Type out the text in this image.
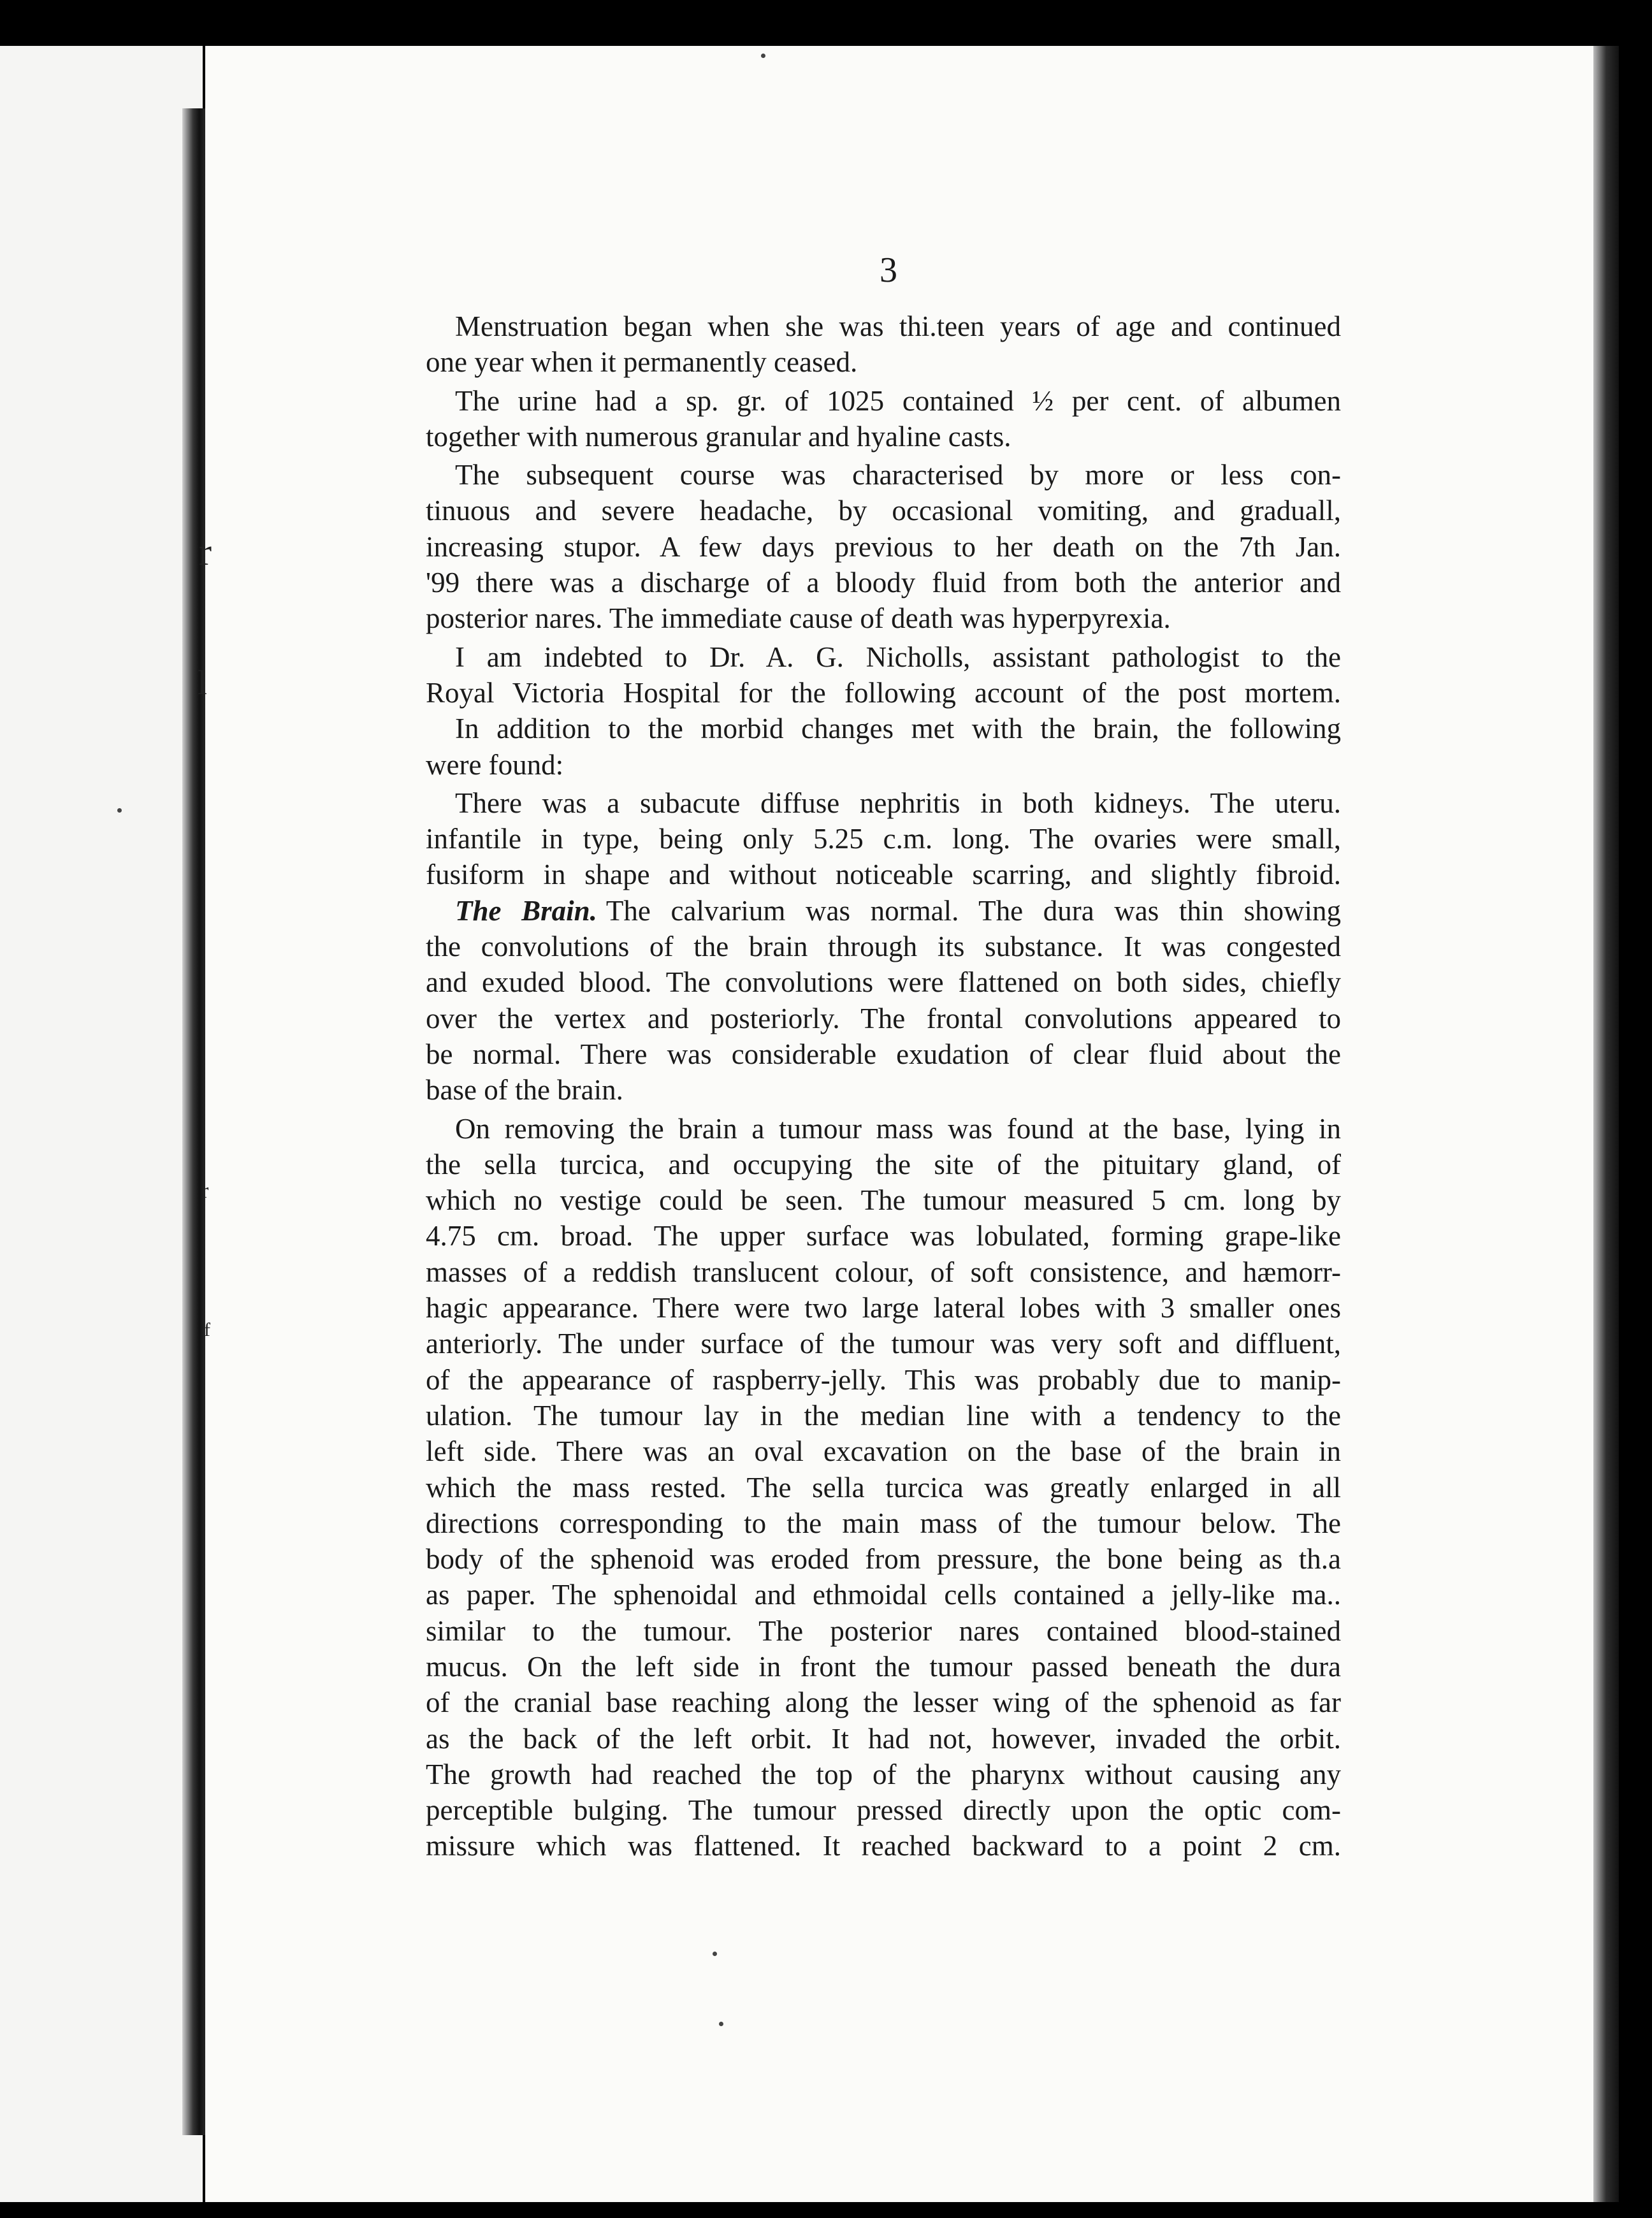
r
l
r
f
3

Menstruation began when she was thi.teen years of age and continued
one year when it permanently ceased.

The urine had a sp. gr. of 1025 contained ½ per cent. of albumen
together with numerous granular and hyaline casts.

The subsequent course was characterised by more or less con-
tinuous and severe headache, by occasional vomiting, and graduall,
increasing stupor. A few days previous to her death on the 7th Jan.
'99 there was a discharge of a bloody fluid from both the anterior and
posterior nares. The immediate cause of death was hyperpyrexia.

I am indebted to Dr. A. G. Nicholls, assistant pathologist to the
Royal Victoria Hospital for the following account of the post mortem.

In addition to the morbid changes met with the brain, the following
were found:

There was a subacute diffuse nephritis in both kidneys. The uteru.
infantile in type, being only 5.25 c.m. long. The ovaries were small,
fusiform in shape and without noticeable scarring, and slightly fibroid.

The Brain. The calvarium was normal. The dura was thin showing
the convolutions of the brain through its substance. It was congested
and exuded blood. The convolutions were flattened on both sides, chiefly
over the vertex and posteriorly. The frontal convolutions appeared to
be normal. There was considerable exudation of clear fluid about the
base of the brain.

On removing the brain a tumour mass was found at the base, lying in
the sella turcica, and occupying the site of the pituitary gland, of
which no vestige could be seen. The tumour measured 5 cm. long by
4.75 cm. broad. The upper surface was lobulated, forming grape-like
masses of a reddish translucent colour, of soft consistence, and hæmorr-
hagic appearance. There were two large lateral lobes with 3 smaller ones
anteriorly. The under surface of the tumour was very soft and diffluent,
of the appearance of raspberry-jelly. This was probably due to manip-
ulation. The tumour lay in the median line with a tendency to the
left side. There was an oval excavation on the base of the brain in
which the mass rested. The sella turcica was greatly enlarged in all
directions corresponding to the main mass of the tumour below. The
body of the sphenoid was eroded from pressure, the bone being as th.a
as paper. The sphenoidal and ethmoidal cells contained a jelly-like ma..
similar to the tumour. The posterior nares contained blood-stained
mucus. On the left side in front the tumour passed beneath the dura
of the cranial base reaching along the lesser wing of the sphenoid as far
as the back of the left orbit. It had not, however, invaded the orbit.
The growth had reached the top of the pharynx without causing any
perceptible bulging. The tumour pressed directly upon the optic com-
missure which was flattened. It reached backward to a point 2 cm.
